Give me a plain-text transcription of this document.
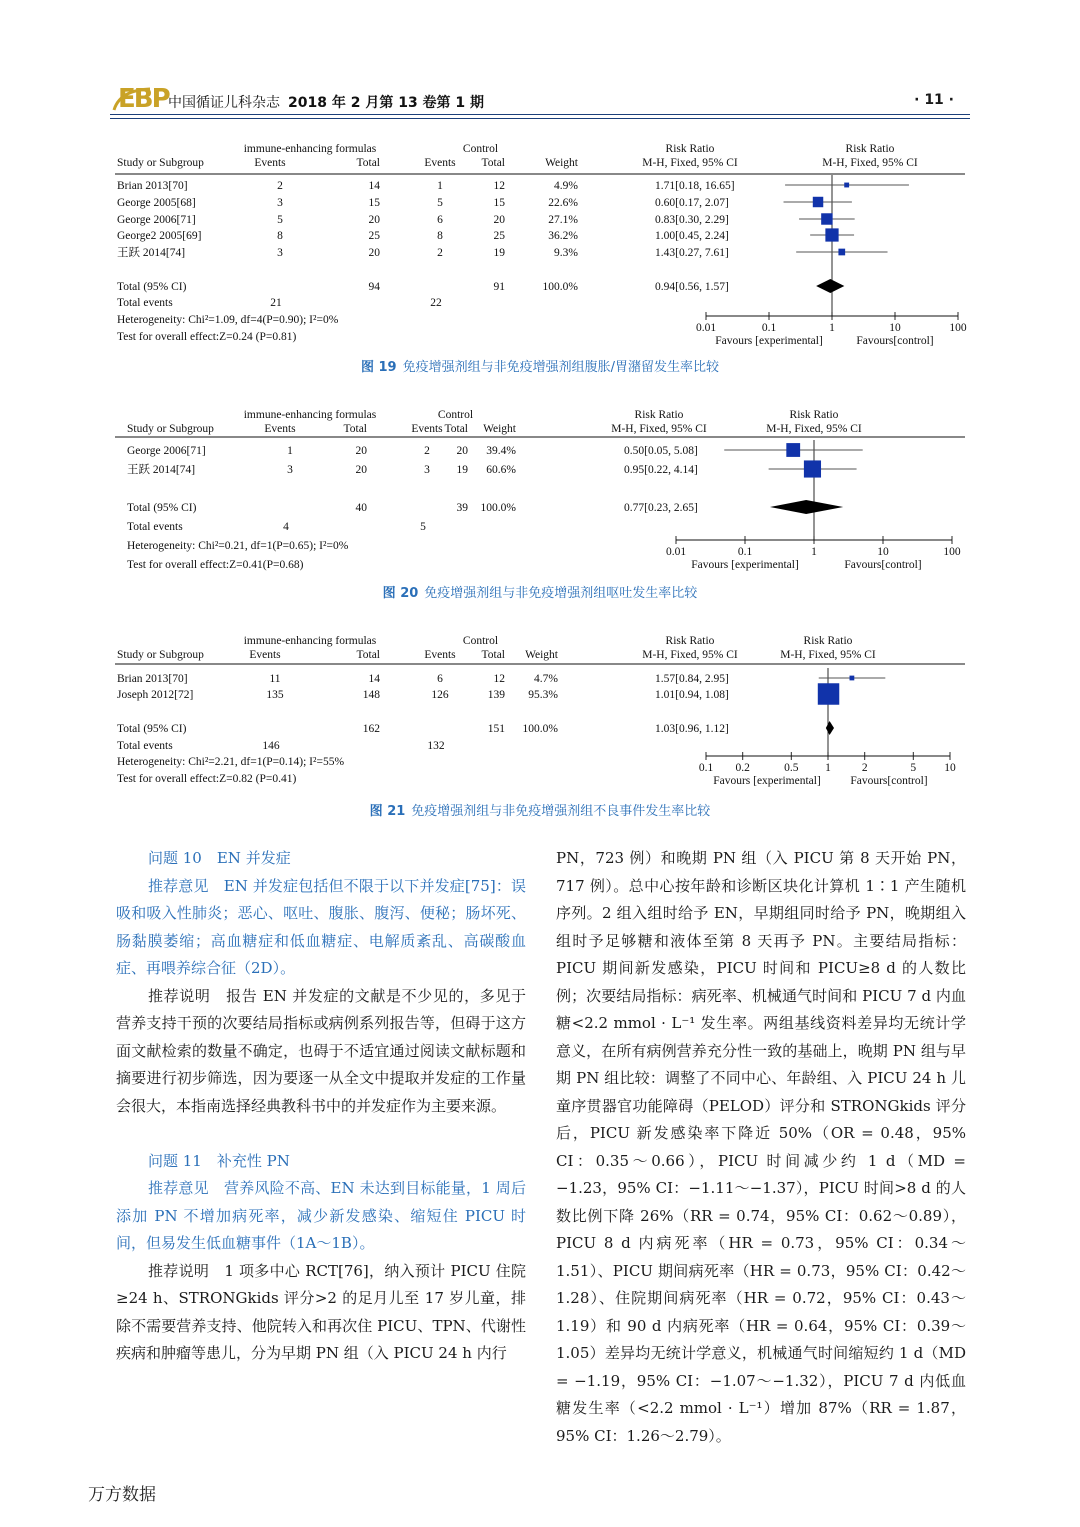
EBP 中国循证儿科杂志 2018 年 2 月第 13 卷第 1 期	· 11 ·
immune-enhancing formulas	Control	Risk Ratio	Risk Ratio
Study or Subgroup	Events	Total	Events Total	Weight	M-H, Fixed, 95% CI	M-H, Fixed, 95% CI
Brian 2013[70]	2	14	1	12	4.9%	1.71[0.18, 16.65]
George 2005[68]	3	15	5	15	22.6%	0.60[0.17, 2.07]
George 2006[71]	5	20	6	20	27.1%	0.83[0.30, 2.29]
George2 2005[69]	8	25	8	25	36.2%	1.00[0.45, 2.24]
王跃 2014[74]	3	20	2	19	9.3%	1.43[0.27, 7.61]
Total (95% CI)	94	91	100.0%	0.94[0.56, 1.57]
Total events	21	22
Heterogeneity: Chi²=1.09, df=4(P=0.90); I²=0%
Test for overall effect:Z=0.24 (P=0.81)
0.01	0.1	1	10	100
Favours [experimental]	Favours[control]
图 19 免疫增强剂组与非免疫增强剂组腹胀/胃潴留发生率比较
immune-enhancing formulas	Control	Risk Ratio	Risk Ratio
Study or Subgroup	Events	Total	Events Total Weight	M-H, Fixed, 95% CI	M-H, Fixed, 95% CI
George 2006[71]	1	20	2 20 39.4%	0.50[0.05, 5.08]
王跃 2014[74]	3	20	3 19 60.6%	0.95[0.22, 4.14]
Total (95% CI)	40	39 100.0%	0.77[0.23, 2.65]
Total events	4	5
Heterogeneity: Chi²=0.21, df=1(P=0.65); I²=0%
Test for overall effect:Z=0.41(P=0.68)
0.01	0.1	1	10	100
Favours [experimental]	Favours[control]
图 20 免疫增强剂组与非免疫增强剂组呕吐发生率比较
immune-enhancing formulas	Control	Risk Ratio	Risk Ratio
Study or Subgroup	Events	Total	Events Total Weight	M-H, Fixed, 95% CI	M-H, Fixed, 95% CI
Brian 2013[70]	11	14	6	12	4.7%	1.57[0.84, 2.95]
Joseph 2012[72]	135	148	126	139 95.3%	1.01[0.94, 1.08]
Total (95% CI)	162	151 100.0%	1.03[0.96, 1.12]
Total events	146	132
Heterogeneity: Chi²=2.21, df=1(P=0.14); I²=55%
Test for overall effect:Z=0.82 (P=0.41)
0.1 0.2	0.5 1	2	5 10
Favours [experimental]	Favours[control]
图 21 免疫增强剂组与非免疫增强剂组不良事件发生率比较

问题 10　EN 并发症

推荐意见　EN 并发症包括但不限于以下并发症[75]：误吸和吸入性肺炎；恶心、呕吐、腹胀、腹泻、便秘；肠坏死、肠黏膜萎缩；高血糖症和低血糖症、电解质紊乱、高碳酸血症、再喂养综合征（2D）。

推荐说明　报告 EN 并发症的文献是不少见的，多见于营养支持干预的次要结局指标或病例系列报告等，但碍于这方面文献检索的数量不确定，也碍于不适宜通过阅读文献标题和摘要进行初步筛选，因为要逐一从全文中提取并发症的工作量会很大，本指南选择经典教科书中的并发症作为主要来源。

问题 11　补充性 PN

推荐意见　营养风险不高、EN 未达到目标能量，1 周后添加 PN 不增加病死率，减少新发感染、缩短住 PICU 时间，但易发生低血糖事件（1A～1B）。

推荐说明　1 项多中心 RCT[76]，纳入预计 PICU 住院≥24 h、STRONGkids 评分>2 的足月儿至 17 岁儿童，排除不需要营养支持、他院转入和再次住 PICU、TPN、代谢性疾病和肿瘤等患儿，分为早期 PN 组（入 PICU 24 h 内行

PN，723 例）和晚期 PN 组（入 PICU 第 8 天开始 PN，717 例）。总中心按年龄和诊断区块化计算机 1∶1 产生随机序列。2 组入组时给予 EN，早期组同时给予 PN，晚期组入组时予足够糖和液体至第 8 天再予 PN。主要结局指标：PICU 期间新发感染，PICU 时间和 PICU≥8 d 的人数比例；次要结局指标：病死率、机械通气时间和 PICU 7 d 内血糖<2.2 mmol · L⁻¹ 发生率。两组基线资料差异均无统计学意义，在所有病例营养充分性一致的基础上，晚期 PN 组与早期 PN 组比较：调整了不同中心、年龄组、入 PICU 24 h 儿童序贯器官功能障碍（PELOD）评分和 STRONGkids 评分后，PICU 新发感染率下降近 50%（OR = 0.48，95% CI：0.35～0.66），PICU 时间减少约 1 d（MD = −1.23，95% CI：−1.11～−1.37），PICU 时间>8 d 的人数比例下降 26%（RR = 0.74，95% CI：0.62～0.89），PICU 8 d 内病死率（HR = 0.73，95% CI：0.34～1.51）、PICU 期间病死率（HR = 0.73，95% CI：0.42～1.28）、住院期间病死率（HR = 0.72，95% CI：0.43～1.19）和 90 d 内病死率（HR = 0.64，95% CI：0.39～1.05）差异均无统计学意义，机械通气时间缩短约 1 d（MD = −1.19，95% CI：−1.07～−1.32），PICU 7 d 内低血糖发生率（<2.2 mmol · L⁻¹）增加 87%（RR = 1.87，95% CI：1.26～2.79）。

万方数据
